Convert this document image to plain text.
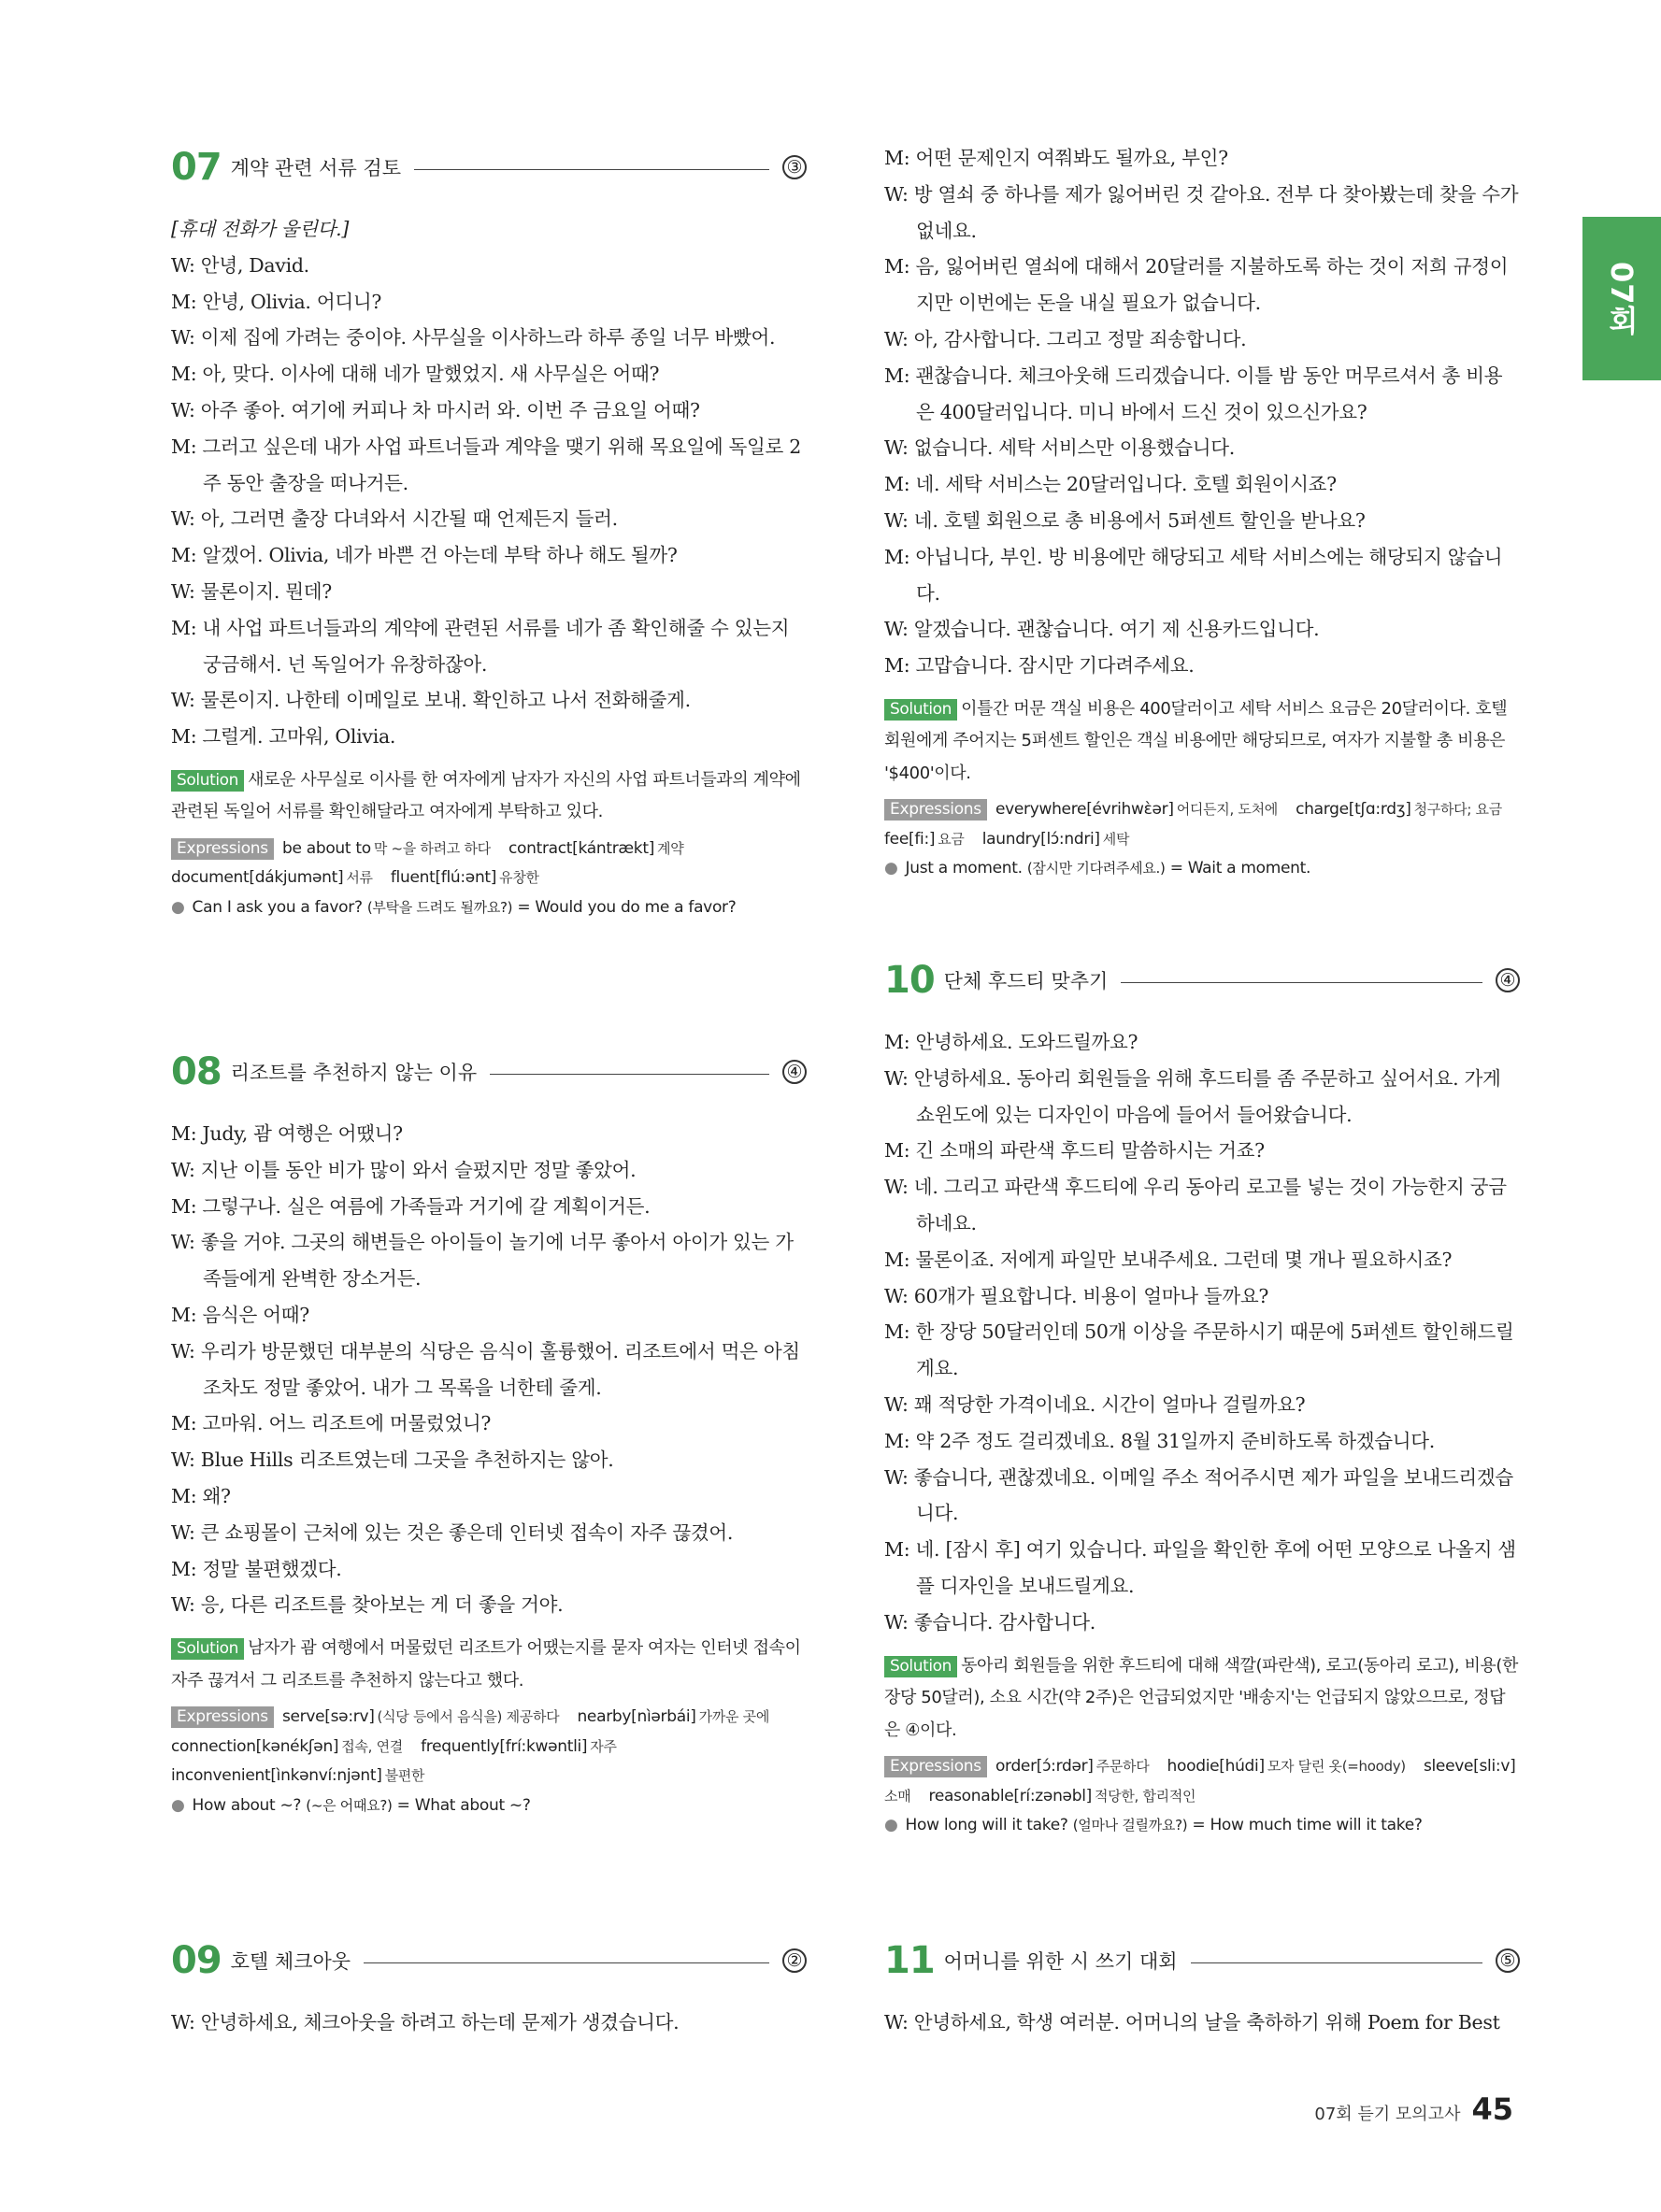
07회
07 계약 관련 서류 검토	③
[휴대 전화가 울린다.]
W: 안녕, David.
M: 안녕, Olivia. 어디니?
W: 이제 집에 가려는 중이야. 사무실을 이사하느라 하루 종일 너무 바빴어.
M: 아, 맞다. 이사에 대해 네가 말했었지. 새 사무실은 어때?
W: 아주 좋아. 여기에 커피나 차 마시러 와. 이번 주 금요일 어때?
M: 그러고 싶은데 내가 사업 파트너들과 계약을 맺기 위해 목요일에 독일로 2주 동안 출장을 떠나거든.
W: 아, 그러면 출장 다녀와서 시간될 때 언제든지 들러.
M: 알겠어. Olivia, 네가 바쁜 건 아는데 부탁 하나 해도 될까?
W: 물론이지. 뭔데?
M: 내 사업 파트너들과의 계약에 관련된 서류를 네가 좀 확인해줄 수 있는지 궁금해서. 넌 독일어가 유창하잖아.
W: 물론이지. 나한테 이메일로 보내. 확인하고 나서 전화해줄게.
M: 그럴게. 고마워, Olivia.
Solution 새로운 사무실로 이사를 한 여자에게 남자가 자신의 사업 파트너들과의 계약에 관련된 독일어 서류를 확인해달라고 여자에게 부탁하고 있다.
Expressions be about to 막 ~을 하려고 하다 contract[kántrækt] 계약 document[dákjumənt] 서류 fluent[flú:ənt] 유창한
● Can I ask you a favor? (부탁을 드려도 될까요?) = Would you do me a favor?
08 리조트를 추천하지 않는 이유	④
M: Judy, 괌 여행은 어땠니?
W: 지난 이틀 동안 비가 많이 와서 슬펐지만 정말 좋았어.
M: 그렇구나. 실은 여름에 가족들과 거기에 갈 계획이거든.
W: 좋을 거야. 그곳의 해변들은 아이들이 놀기에 너무 좋아서 아이가 있는 가족들에게 완벽한 장소거든.
M: 음식은 어때?
W: 우리가 방문했던 대부분의 식당은 음식이 훌륭했어. 리조트에서 먹은 아침조차도 정말 좋았어. 내가 그 목록을 너한테 줄게.
M: 고마워. 어느 리조트에 머물렀었니?
W: Blue Hills 리조트였는데 그곳을 추천하지는 않아.
M: 왜?
W: 큰 쇼핑몰이 근처에 있는 것은 좋은데 인터넷 접속이 자주 끊겼어.
M: 정말 불편했겠다.
W: 응, 다른 리조트를 찾아보는 게 더 좋을 거야.
Solution 남자가 괌 여행에서 머물렀던 리조트가 어땠는지를 묻자 여자는 인터넷 접속이 자주 끊겨서 그 리조트를 추천하지 않는다고 했다.
Expressions serve[sə:rv] (식당 등에서 음식을) 제공하다 nearby[nìərbái] 가까운 곳에 connection[kənékʃən] 접속, 연결 frequently[frí:kwəntli] 자주 inconvenient[ìnkənví:njənt] 불편한
● How about ~? (~은 어때요?) = What about ~?
09 호텔 체크아웃	②
W: 안녕하세요, 체크아웃을 하려고 하는데 문제가 생겼습니다.
M: 어떤 문제인지 여쭤봐도 될까요, 부인?
W: 방 열쇠 중 하나를 제가 잃어버린 것 같아요. 전부 다 찾아봤는데 찾을 수가 없네요.
M: 음, 잃어버린 열쇠에 대해서 20달러를 지불하도록 하는 것이 저희 규정이지만 이번에는 돈을 내실 필요가 없습니다.
W: 아, 감사합니다. 그리고 정말 죄송합니다.
M: 괜찮습니다. 체크아웃해 드리겠습니다. 이틀 밤 동안 머무르셔서 총 비용은 400달러입니다. 미니 바에서 드신 것이 있으신가요?
W: 없습니다. 세탁 서비스만 이용했습니다.
M: 네. 세탁 서비스는 20달러입니다. 호텔 회원이시죠?
W: 네. 호텔 회원으로 총 비용에서 5퍼센트 할인을 받나요?
M: 아닙니다, 부인. 방 비용에만 해당되고 세탁 서비스에는 해당되지 않습니다.
W: 알겠습니다. 괜찮습니다. 여기 제 신용카드입니다.
M: 고맙습니다. 잠시만 기다려주세요.
Solution 이틀간 머문 객실 비용은 400달러이고 세탁 서비스 요금은 20달러이다. 호텔 회원에게 주어지는 5퍼센트 할인은 객실 비용에만 해당되므로, 여자가 지불할 총 비용은 '$400'이다.
Expressions everywhere[évrihwὲər] 어디든지, 도처에 charge[tʃɑ:rdʒ] 청구하다; 요금 fee[fi:] 요금 laundry[lɔ́:ndri] 세탁
● Just a moment. (잠시만 기다려주세요.) = Wait a moment.
10 단체 후드티 맞추기	④
M: 안녕하세요. 도와드릴까요?
W: 안녕하세요. 동아리 회원들을 위해 후드티를 좀 주문하고 싶어서요. 가게 쇼윈도에 있는 디자인이 마음에 들어서 들어왔습니다.
M: 긴 소매의 파란색 후드티 말씀하시는 거죠?
W: 네. 그리고 파란색 후드티에 우리 동아리 로고를 넣는 것이 가능한지 궁금하네요.
M: 물론이죠. 저에게 파일만 보내주세요. 그런데 몇 개나 필요하시죠?
W: 60개가 필요합니다. 비용이 얼마나 들까요?
M: 한 장당 50달러인데 50개 이상을 주문하시기 때문에 5퍼센트 할인해드릴게요.
W: 꽤 적당한 가격이네요. 시간이 얼마나 걸릴까요?
M: 약 2주 정도 걸리겠네요. 8월 31일까지 준비하도록 하겠습니다.
W: 좋습니다, 괜찮겠네요. 이메일 주소 적어주시면 제가 파일을 보내드리겠습니다.
M: 네. [잠시 후] 여기 있습니다. 파일을 확인한 후에 어떤 모양으로 나올지 샘플 디자인을 보내드릴게요.
W: 좋습니다. 감사합니다.
Solution 동아리 회원들을 위한 후드티에 대해 색깔(파란색), 로고(동아리 로고), 비용(한 장당 50달러), 소요 시간(약 2주)은 언급되었지만 '배송지'는 언급되지 않았으므로, 정답은 ④이다.
Expressions order[ɔ́:rdər] 주문하다 hoodie[húdi] 모자 달린 옷(=hoody) sleeve[sli:v]소매 reasonable[rí:zənəbl] 적당한, 합리적인
● How long will it take? (얼마나 걸릴까요?) = How much time will it take?
11 어머니를 위한 시 쓰기 대회	⑤
W: 안녕하세요, 학생 여러분. 어머니의 날을 축하하기 위해 Poem for Best
07회 듣기 모의고사 45
